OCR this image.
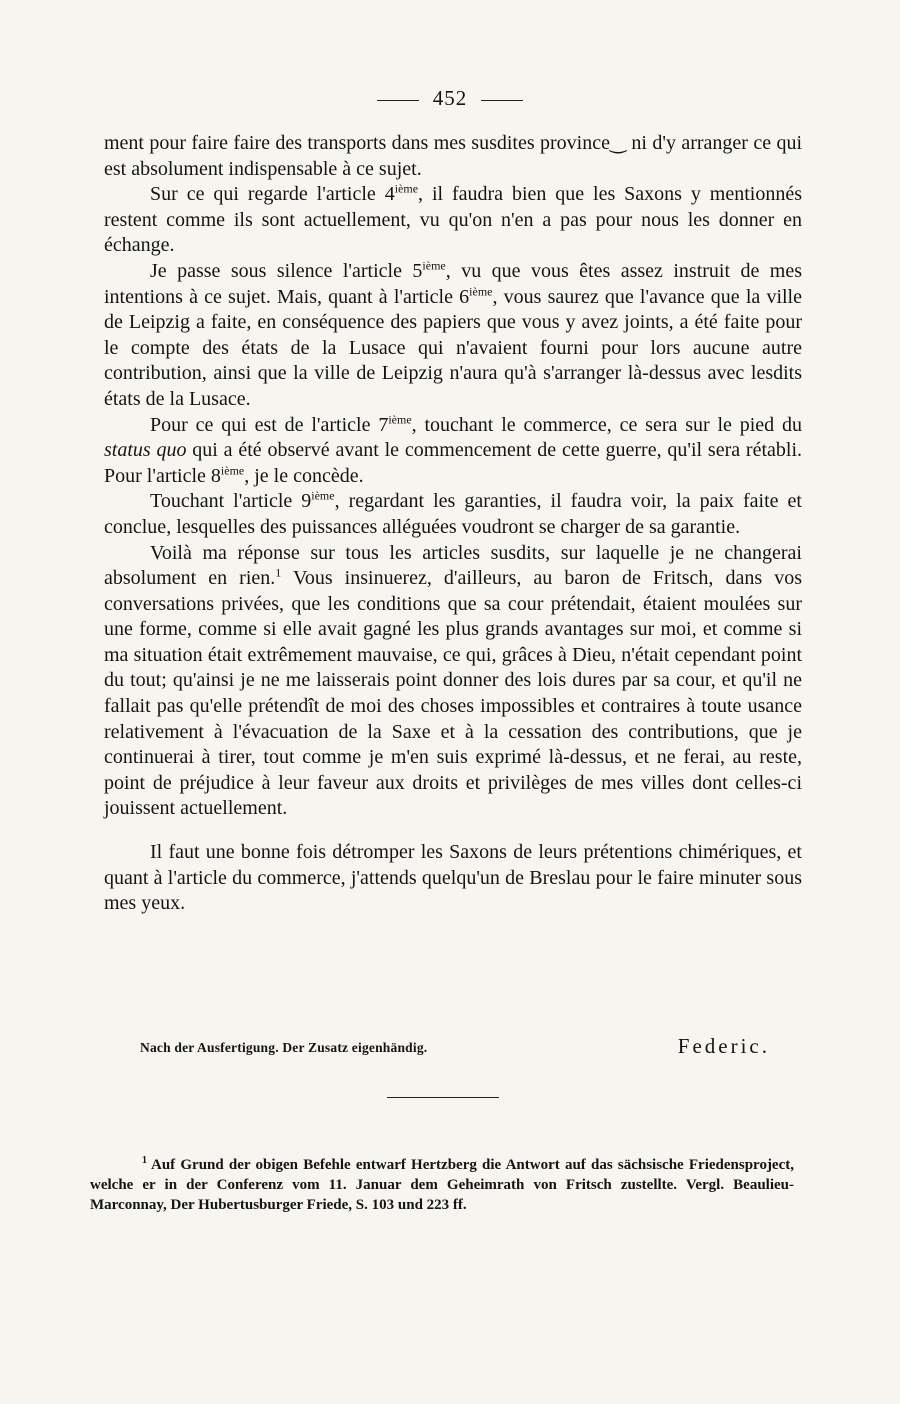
452

ment pour faire faire des transports dans mes susdites province‿ ni d'y arranger ce qui est absolument indispensable à ce sujet.

Sur ce qui regarde l'article 4ième, il faudra bien que les Saxons y mentionnés restent comme ils sont actuellement, vu qu'on n'en a pas pour nous les donner en échange.

Je passe sous silence l'article 5ième, vu que vous êtes assez instruit de mes intentions à ce sujet. Mais, quant à l'article 6ième, vous saurez que l'avance que la ville de Leipzig a faite, en conséquence des papiers que vous y avez joints, a été faite pour le compte des états de la Lusace qui n'avaient fourni pour lors aucune autre contribution, ainsi que la ville de Leipzig n'aura qu'à s'arranger là-dessus avec lesdits états de la Lusace.

Pour ce qui est de l'article 7ième, touchant le commerce, ce sera sur le pied du status quo qui a été observé avant le commencement de cette guerre, qu'il sera rétabli. Pour l'article 8ième, je le concède.

Touchant l'article 9ième, regardant les garanties, il faudra voir, la paix faite et conclue, lesquelles des puissances alléguées voudront se charger de sa garantie.

Voilà ma réponse sur tous les articles susdits, sur laquelle je ne changerai absolument en rien.$^1$ Vous insinuerez, d'ailleurs, au baron de Fritsch, dans vos conversations privées, que les conditions que sa cour prétendait, étaient moulées sur une forme, comme si elle avait gagné les plus grands avantages sur moi, et comme si ma situation était extrêmement mauvaise, ce qui, grâces à Dieu, n'était cependant point du tout; qu'ainsi je ne me laisserais point donner des lois dures par sa cour, et qu'il ne fallait pas qu'elle prétendît de moi des choses impossibles et contraires à toute usance relativement à l'évacuation de la Saxe et à la cessation des contributions, que je continuerai à tirer, tout comme je m'en suis exprimé là-dessus, et ne ferai, au reste, point de préjudice à leur faveur aux droits et privilèges de mes villes dont celles-ci jouissent actuellement.

Il faut une bonne fois détromper les Saxons de leurs prétentions chimériques, et quant à l'article du commerce, j'attends quelqu'un de Breslau pour le faire minuter sous mes yeux.

Nach der Ausfertigung. Der Zusatz eigenhändig.	Federic.
$^1$ Auf Grund der obigen Befehle entwarf Hertzberg die Antwort auf das sächsische Friedensproject, welche er in der Conferenz vom 11. Januar dem Geheimrath von Fritsch zustellte. Vergl. Beaulieu-Marconnay, Der Hubertusburger Friede, S. 103 und 223 ff.
